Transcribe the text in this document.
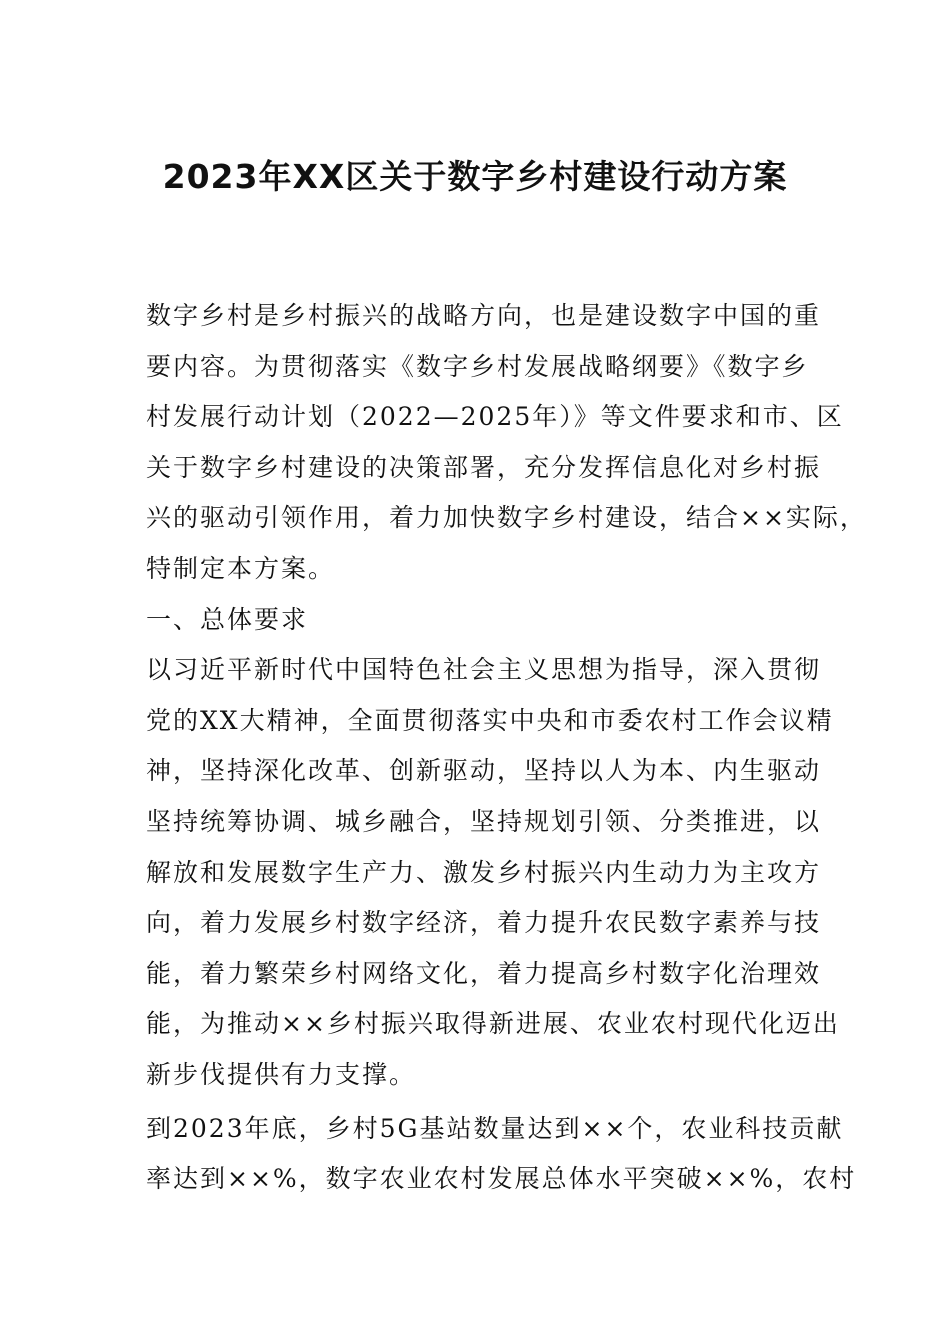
2023年XX区关于数字乡村建设行动方案
数字乡村是乡村振兴的战略方向，也是建设数字中国的重
要内容。为贯彻落实《数字乡村发展战略纲要》《数字乡
村发展行动计划（2022—2025年）》等文件要求和市、区
关于数字乡村建设的决策部署，充分发挥信息化对乡村振
兴的驱动引领作用，着力加快数字乡村建设，结合××实际，
特制定本方案。
一、总体要求
以习近平新时代中国特色社会主义思想为指导，深入贯彻
党的XX大精神，全面贯彻落实中央和市委农村工作会议精
神，坚持深化改革、创新驱动，坚持以人为本、内生驱动
坚持统筹协调、城乡融合，坚持规划引领、分类推进，以
解放和发展数字生产力、激发乡村振兴内生动力为主攻方
向，着力发展乡村数字经济，着力提升农民数字素养与技
能，着力繁荣乡村网络文化，着力提高乡村数字化治理效
能，为推动××乡村振兴取得新进展、农业农村现代化迈出
新步伐提供有力支撑。
到2023年底，乡村5G基站数量达到××个，农业科技贡献
率达到××%，数字农业农村发展总体水平突破××%，农村
